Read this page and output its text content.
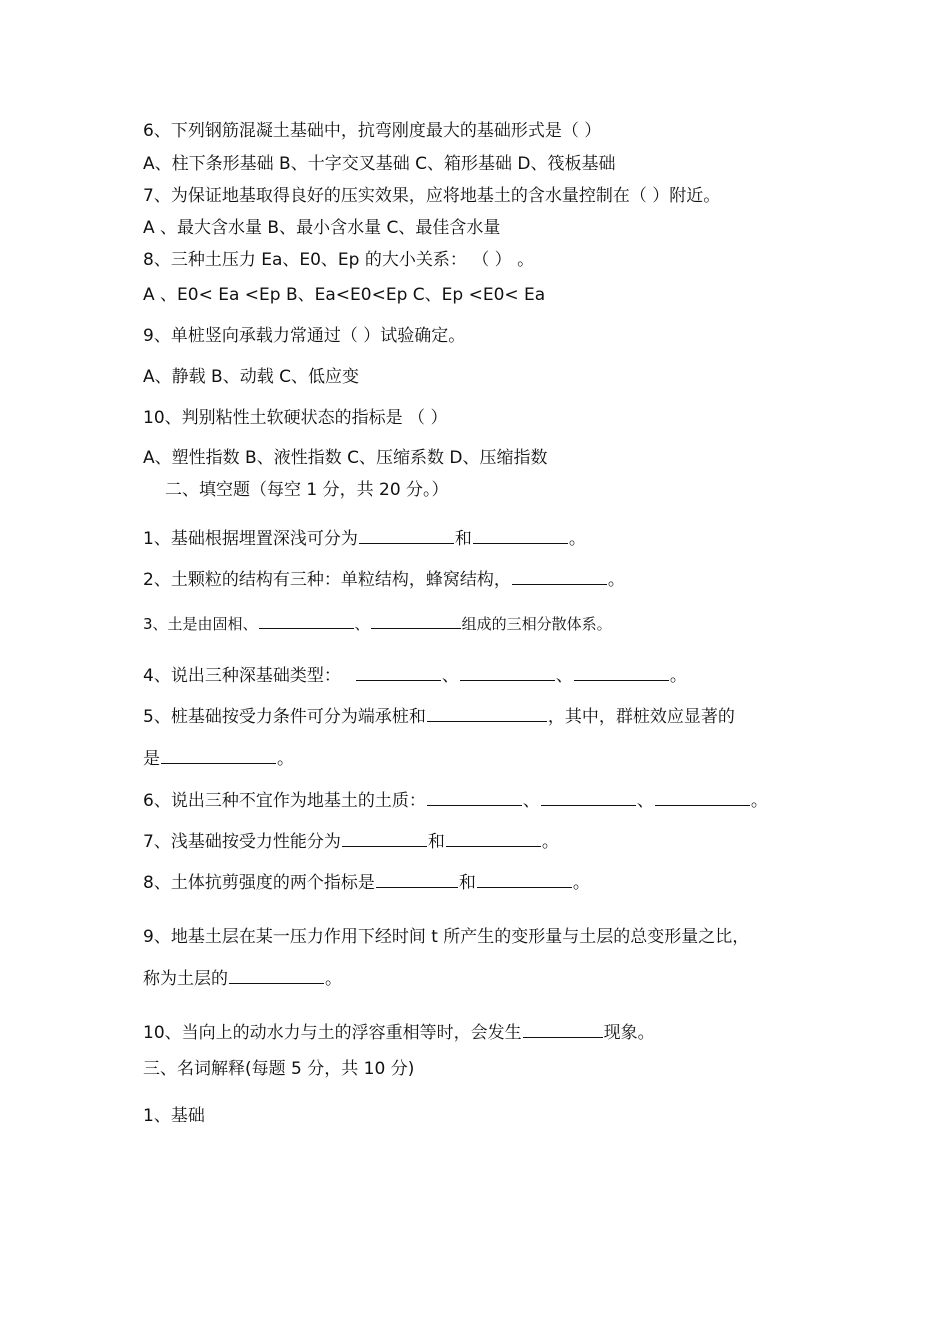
6、下列钢筋混凝土基础中，抗弯刚度最大的基础形式是（ ）
A、柱下条形基础 B、十字交叉基础 C、箱形基础 D、筏板基础
7、为保证地基取得良好的压实效果，应将地基土的含水量控制在（ ）附近。
A 、最大含水量 B、最小含水量 C、最佳含水量
8、三种土压力 Ea、E0、Ep 的大小关系： （ ） 。
A 、E0< Ea <Ep B、Ea<E0<Ep C、Ep <E0< Ea
9、单桩竖向承载力常通过（ ）试验确定。
A、静载 B、动载 C、低应变
10、判别粘性土软硬状态的指标是 （ ）
A、塑性指数 B、液性指数 C、压缩系数 D、压缩指数
二、填空题（每空 1 分，共 20 分。）
1、基础根据埋置深浅可分为	和	。
2、土颗粒的结构有三种：单粒结构，蜂窝结构，	。
3、土是由固相、	、	组成的三相分散体系。
4、说出三种深基础类型：	、	、	。
5、桩基础按受力条件可分为端承桩和	，其中，群桩效应显著的
是	。
6、说出三种不宜作为地基土的土质：	、	、	。
7、浅基础按受力性能分为	和	。
8、土体抗剪强度的两个指标是	和	。
9、地基土层在某一压力作用下经时间 t 所产生的变形量与土层的总变形量之比，
称为土层的	。
10、当向上的动水力与土的浮容重相等时，会发生	现象。
三、名词解释(每题 5 分，共 10 分)
1、基础
